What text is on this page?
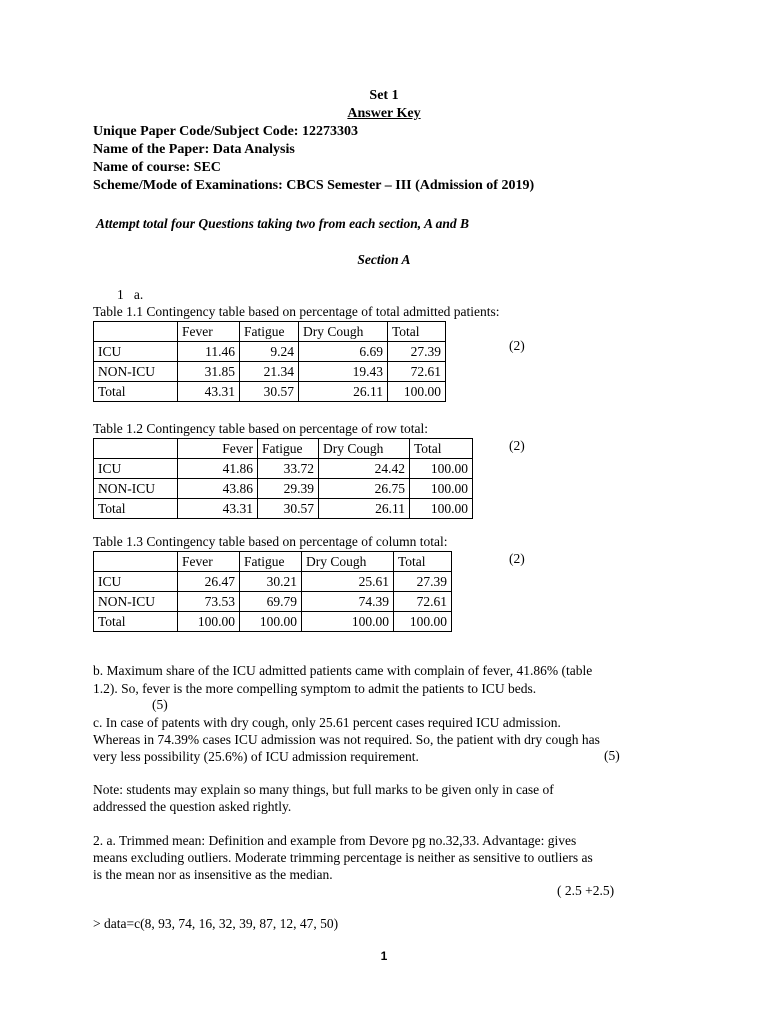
Set 1
Answer Key
Unique Paper Code/Subject Code: 12273303
Name of the Paper: Data Analysis
Name of course: SEC
Scheme/Mode of Examinations: CBCS Semester – III (Admission of 2019)
Attempt total four Questions taking two from each section, A and B
Section A
1   a.
Table 1.1 Contingency table based on percentage of total admitted patients:
	Fever	Fatigue	Dry Cough	Total
ICU	11.46	9.24	6.69	27.39
NON-ICU	31.85	21.34	19.43	72.61
Total	43.31	30.57	26.11	100.00
(2)
Table 1.2 Contingency table based on percentage of row total:
	Fever	Fatigue	Dry Cough	Total
ICU	41.86	33.72	24.42	100.00
NON-ICU	43.86	29.39	26.75	100.00
Total	43.31	30.57	26.11	100.00
(2)
Table 1.3 Contingency table based on percentage of column total:
	Fever	Fatigue	Dry Cough	Total
ICU	26.47	30.21	25.61	27.39
NON-ICU	73.53	69.79	74.39	72.61
Total	100.00	100.00	100.00	100.00
(2)
b. Maximum share of the ICU admitted patients came with complain of fever, 41.86% (table
1.2). So, fever is the more compelling symptom to admit the patients to ICU beds.
(5)
c. In case of patents with dry cough, only 25.61 percent cases required ICU admission.
Whereas in 74.39% cases ICU admission was not required. So, the patient with dry cough has
very less possibility (25.6%) of ICU admission requirement.	(5)
Note: students may explain so many things, but full marks to be given only in case of
addressed the question asked rightly.
2. a. Trimmed mean: Definition and example from Devore pg no.32,33. Advantage: gives
means excluding outliers. Moderate trimming percentage is neither as sensitive to outliers as
is the mean nor as insensitive as the median.
( 2.5 +2.5)
> data=c(8, 93, 74, 16, 32, 39, 87, 12, 47, 50)
1
